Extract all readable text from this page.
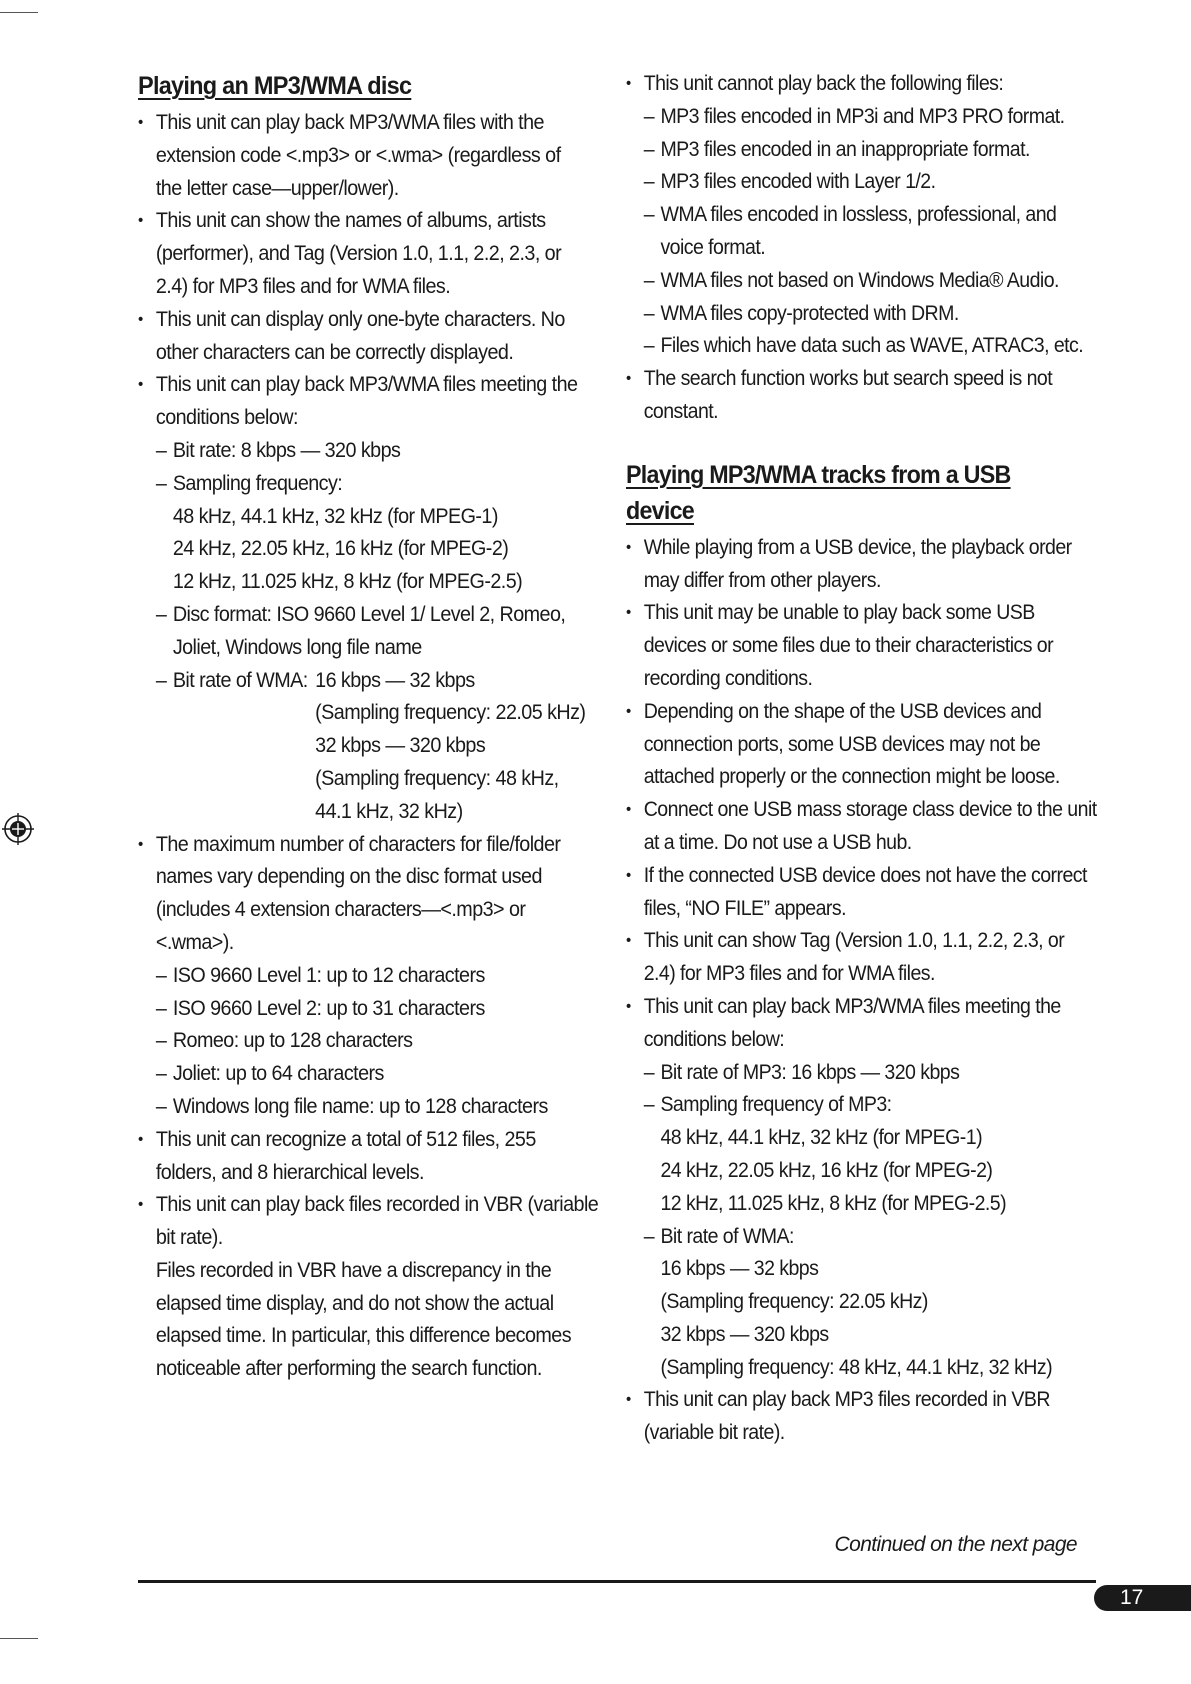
Playing an MP3/WMA disc
• This unit can play back MP3/WMA files with the
extension code <.mp3> or <.wma> (regardless of
the letter case—upper/lower).
• This unit can show the names of albums, artists
(performer), and Tag (Version 1.0, 1.1, 2.2, 2.3, or
2.4) for MP3 files and for WMA files.
• This unit can display only one-byte characters. No
other characters can be correctly displayed.
• This unit can play back MP3/WMA files meeting the
conditions below:
– Bit rate: 8 kbps — 320 kbps
– Sampling frequency:
48 kHz, 44.1 kHz, 32 kHz (for MPEG-1)
24 kHz, 22.05 kHz, 16 kHz (for MPEG-2)
12 kHz, 11.025 kHz, 8 kHz (for MPEG-2.5)
– Disc format: ISO 9660 Level 1/ Level 2, Romeo,
Joliet, Windows long file name
– Bit rate of WMA: 16 kbps — 32 kbps
(Sampling frequency: 22.05 kHz)
32 kbps — 320 kbps
(Sampling frequency: 48 kHz,
44.1 kHz, 32 kHz)
• The maximum number of characters for file/folder
names vary depending on the disc format used
(includes 4 extension characters—<.mp3> or
<.wma>).
– ISO 9660 Level 1: up to 12 characters
– ISO 9660 Level 2: up to 31 characters
– Romeo: up to 128 characters
– Joliet: up to 64 characters
– Windows long file name: up to 128 characters
• This unit can recognize a total of 512 files, 255
folders, and 8 hierarchical levels.
• This unit can play back files recorded in VBR (variable
bit rate).
Files recorded in VBR have a discrepancy in the
elapsed time display, and do not show the actual
elapsed time. In particular, this difference becomes
noticeable after performing the search function.
• This unit cannot play back the following files:
– MP3 files encoded in MP3i and MP3 PRO format.
– MP3 files encoded in an inappropriate format.
– MP3 files encoded with Layer 1/2.
– WMA files encoded in lossless, professional, and
voice format.
– WMA files not based on Windows Media® Audio.
– WMA files copy-protected with DRM.
– Files which have data such as WAVE, ATRAC3, etc.
• The search function works but search speed is not
constant.
Playing MP3/WMA tracks from a USB device
• While playing from a USB device, the playback order
may differ from other players.
• This unit may be unable to play back some USB
devices or some files due to their characteristics or
recording conditions.
• Depending on the shape of the USB devices and
connection ports, some USB devices may not be
attached properly or the connection might be loose.
• Connect one USB mass storage class device to the unit
at a time. Do not use a USB hub.
• If the connected USB device does not have the correct
files, “NO FILE” appears.
• This unit can show Tag (Version 1.0, 1.1, 2.2, 2.3, or
2.4) for MP3 files and for WMA files.
• This unit can play back MP3/WMA files meeting the
conditions below:
– Bit rate of MP3: 16 kbps — 320 kbps
– Sampling frequency of MP3:
48 kHz, 44.1 kHz, 32 kHz (for MPEG-1)
24 kHz, 22.05 kHz, 16 kHz (for MPEG-2)
12 kHz, 11.025 kHz, 8 kHz (for MPEG-2.5)
– Bit rate of WMA:
16 kbps — 32 kbps
(Sampling frequency: 22.05 kHz)
32 kbps — 320 kbps
(Sampling frequency: 48 kHz, 44.1 kHz, 32 kHz)
• This unit can play back MP3 files recorded in VBR
(variable bit rate).
Continued on the next page
17
